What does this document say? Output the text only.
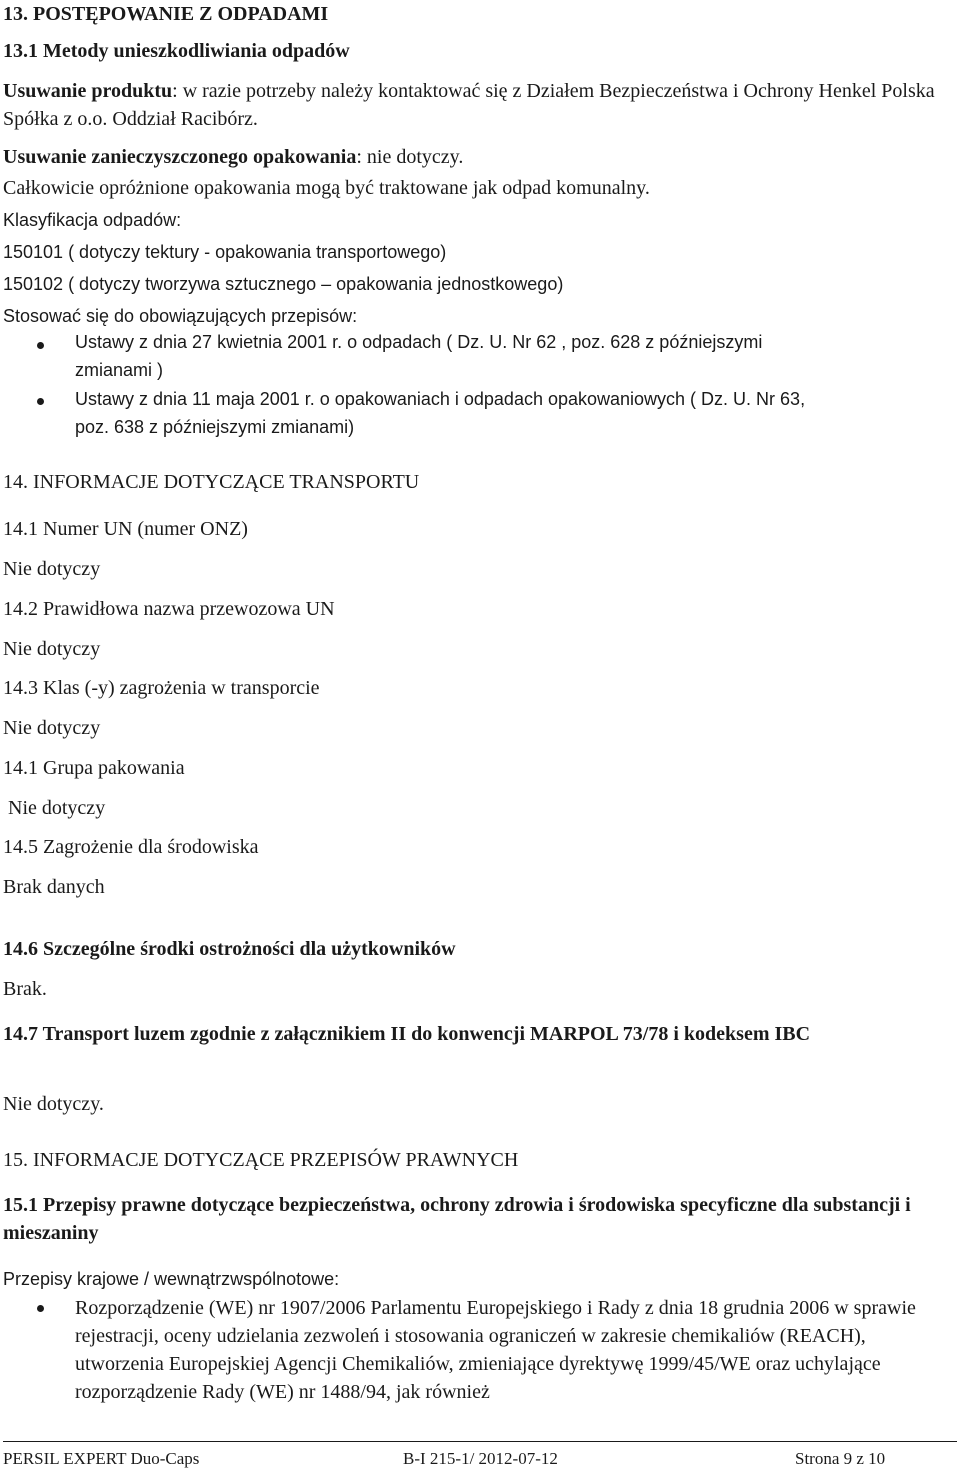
13. POSTĘPOWANIE Z ODPADAMI
13.1 Metody unieszkodliwiania odpadów
Usuwanie produktu: w razie potrzeby należy kontaktować się z Działem Bezpieczeństwa i Ochrony Henkel Polska Spółka z o.o. Oddział Racibórz.
Usuwanie zanieczyszczonego opakowania: nie dotyczy.
Całkowicie opróżnione opakowania mogą być traktowane jak odpad komunalny.
Klasyfikacja odpadów:
150101 ( dotyczy tektury - opakowania transportowego)
150102 ( dotyczy tworzywa sztucznego – opakowania jednostkowego)
Stosować się do obowiązujących przepisów:
Ustawy z dnia 27 kwietnia 2001 r. o odpadach ( Dz. U. Nr 62 , poz. 628 z późniejszymi
zmianami )
Ustawy z dnia 11 maja 2001 r. o opakowaniach i odpadach opakowaniowych ( Dz. U. Nr 63,
poz. 638 z późniejszymi zmianami)
14. INFORMACJE DOTYCZĄCE TRANSPORTU
14.1 Numer UN (numer ONZ)
Nie dotyczy
14.2 Prawidłowa nazwa przewozowa UN
Nie dotyczy
14.3 Klas (-y) zagrożenia w transporcie
Nie dotyczy
14.1 Grupa pakowania
Nie dotyczy
14.5 Zagrożenie dla środowiska
Brak danych
14.6 Szczególne środki ostrożności dla użytkowników
Brak.
14.7 Transport luzem zgodnie z załącznikiem II do konwencji MARPOL 73/78 i kodeksem IBC
Nie dotyczy.
15. INFORMACJE DOTYCZĄCE PRZEPISÓW PRAWNYCH
15.1 Przepisy prawne dotyczące bezpieczeństwa, ochrony zdrowia i środowiska specyficzne dla substancji i mieszaniny
Przepisy krajowe / wewnątrzwspólnotowe:
Rozporządzenie (WE) nr 1907/2006 Parlamentu Europejskiego i Rady z dnia 18 grudnia 2006 w sprawie rejestracji, oceny udzielania zezwoleń i stosowania ograniczeń w zakresie chemikaliów (REACH), utworzenia Europejskiej Agencji Chemikaliów, zmieniające dyrektywę 1999/45/WE oraz uchylające rozporządzenie Rady (WE) nr 1488/94, jak również
PERSIL EXPERT Duo-Caps	B-I 215-1/ 2012-07-12	Strona 9 z 10
